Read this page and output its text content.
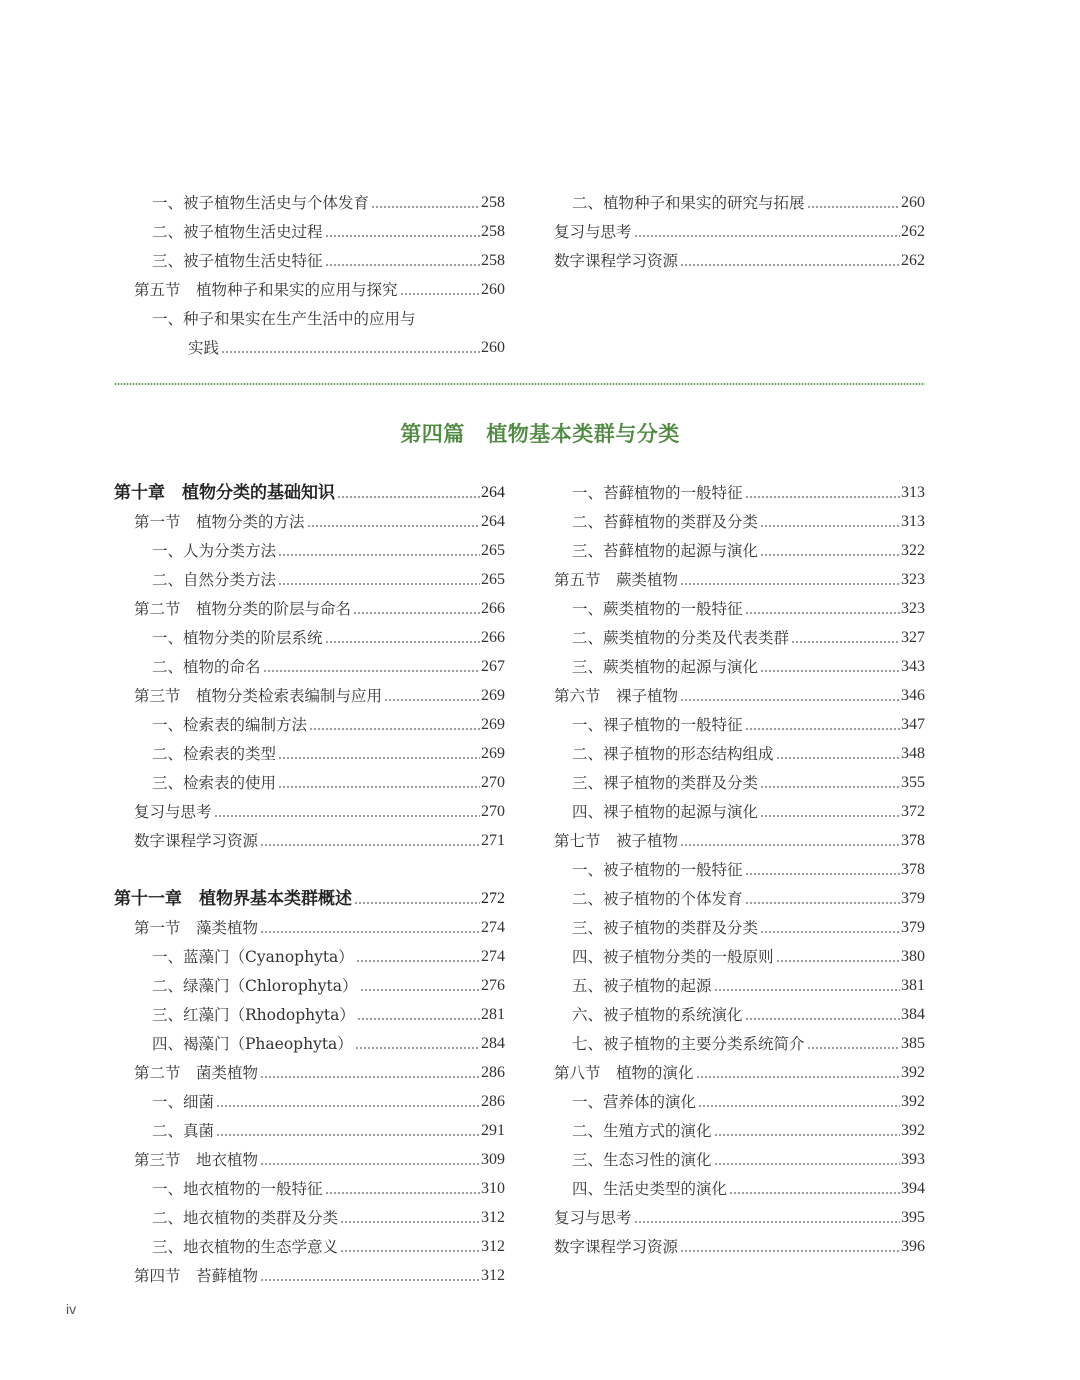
一、被子植物生活史与个体发育	258
二、被子植物生活史过程	258
三、被子植物生活史特征	258
第五节　植物种子和果实的应用与探究	260
一、种子和果实在生产生活中的应用与
实践	260
二、植物种子和果实的研究与拓展	260
复习与思考	262
数字课程学习资源	262
第十章　植物分类的基础知识	264
第一节　植物分类的方法	264
一、人为分类方法	265
二、自然分类方法	265
第二节　植物分类的阶层与命名	266
一、植物分类的阶层系统	266
二、植物的命名	267
第三节　植物分类检索表编制与应用	269
一、检索表的编制方法	269
二、检索表的类型	269
三、检索表的使用	270
复习与思考	270
数字课程学习资源	271
第十一章　植物界基本类群概述	272
第一节　藻类植物	274
一、蓝藻门（Cyanophyta）	274
二、绿藻门（Chlorophyta）	276
三、红藻门（Rhodophyta）	281
四、褐藻门（Phaeophyta）	284
第二节　菌类植物	286
一、细菌	286
二、真菌	291
第三节　地衣植物	309
一、地衣植物的一般特征	310
二、地衣植物的类群及分类	312
三、地衣植物的生态学意义	312
第四节　苔藓植物	312
一、苔藓植物的一般特征	313
二、苔藓植物的类群及分类	313
三、苔藓植物的起源与演化	322
第五节　蕨类植物	323
一、蕨类植物的一般特征	323
二、蕨类植物的分类及代表类群	327
三、蕨类植物的起源与演化	343
第六节　裸子植物	346
一、裸子植物的一般特征	347
二、裸子植物的形态结构组成	348
三、裸子植物的类群及分类	355
四、裸子植物的起源与演化	372
第七节　被子植物	378
一、被子植物的一般特征	378
二、被子植物的个体发育	379
三、被子植物的类群及分类	379
四、被子植物分类的一般原则	380
五、被子植物的起源	381
六、被子植物的系统演化	384
七、被子植物的主要分类系统简介	385
第八节　植物的演化	392
一、营养体的演化	392
二、生殖方式的演化	392
三、生态习性的演化	393
四、生活史类型的演化	394
复习与思考	395
数字课程学习资源	396
第四篇　植物基本类群与分类
iv
